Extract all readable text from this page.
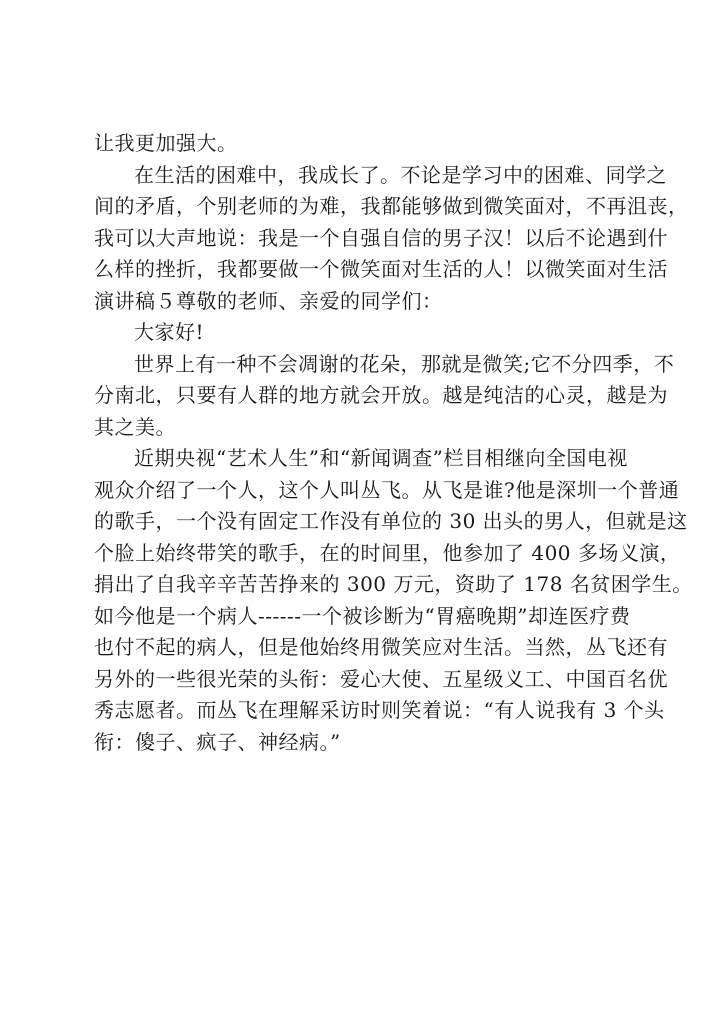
让我更加强大。
在生活的困难中，我成长了。不论是学习中的困难、同学之
间的矛盾，个别老师的为难，我都能够做到微笑面对，不再沮丧，
我可以大声地说：我是一个自强自信的男子汉！以后不论遇到什
么样的挫折，我都要做一个微笑面对生活的人！以微笑面对生活
演讲稿５尊敬的老师、亲爱的同学们：
大家好!
世界上有一种不会凋谢的花朵，那就是微笑;它不分四季，不
分南北，只要有人群的地方就会开放。越是纯洁的心灵，越是为
其之美。
近期央视“艺术人生”和“新闻调查”栏目相继向全国电视
观众介绍了一个人，这个人叫丛飞。从飞是谁?他是深圳一个普通
的歌手，一个没有固定工作没有单位的 30 出头的男人，但就是这
个脸上始终带笑的歌手，在的时间里，他参加了 400 多场义演，
捐出了自我辛辛苦苦挣来的 300 万元，资助了 178 名贫困学生。
如今他是一个病人------一个被诊断为“胃癌晚期”却连医疗费
也付不起的病人，但是他始终用微笑应对生活。当然，丛飞还有
另外的一些很光荣的头衔：爱心大使、五星级义工、中国百名优
秀志愿者。而丛飞在理解采访时则笑着说：“有人说我有 3 个头
衔：傻子、疯子、神经病。”
